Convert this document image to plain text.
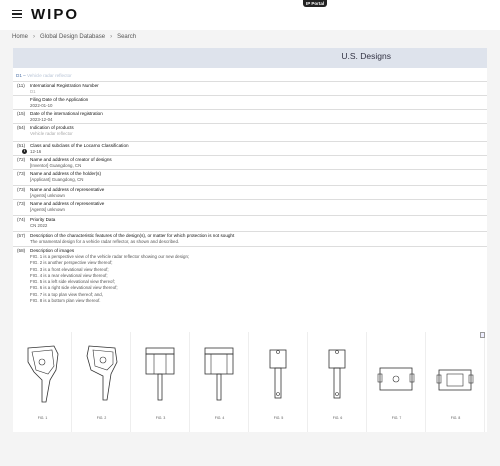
WIPO
IP Portal
Home › Global Design Database › Search
U.S. Designs
D1 – Vehicle radar reflector
(11) International Registration Number
D1
Filing Date of the Application
2022-01-10
(15) Date of the international registration
2023-12-04
(54) Indication of products
Vehicle radar reflector
(51)
i
Class and subclass of the Locarno Classification
12-16
(72) Name and address of creator of designs
[Inventor] Guangdong, CN
(73) Name and address of the holder(s)
[Applicant] Guangdong, CN
(73) Name and address of representative
[Agents] unknown
(73) Name and address of representative
[Agents] unknown
(74) Priority Data
CN 2022
(57) Description of the characteristic features of the design(s), or matter for which protection is not sought
The ornamental design for a vehicle radar reflector, as shown and described.
(58) Description of images
FIG. 1 is a perspective view of the vehicle radar reflector showing our new design;
FIG. 2 is another perspective view thereof;
FIG. 3 is a front elevational view thereof;
FIG. 4 is a rear elevational view thereof;
FIG. 5 is a left side elevational view thereof;
FIG. 6 is a right side elevational view thereof;
FIG. 7 is a top plan view thereof; and,
FIG. 8 is a bottom plan view thereof.
FIG. 1	FIG. 2	FIG. 3	FIG. 4	FIG. 5	FIG. 6	FIG. 7	FIG. 8
